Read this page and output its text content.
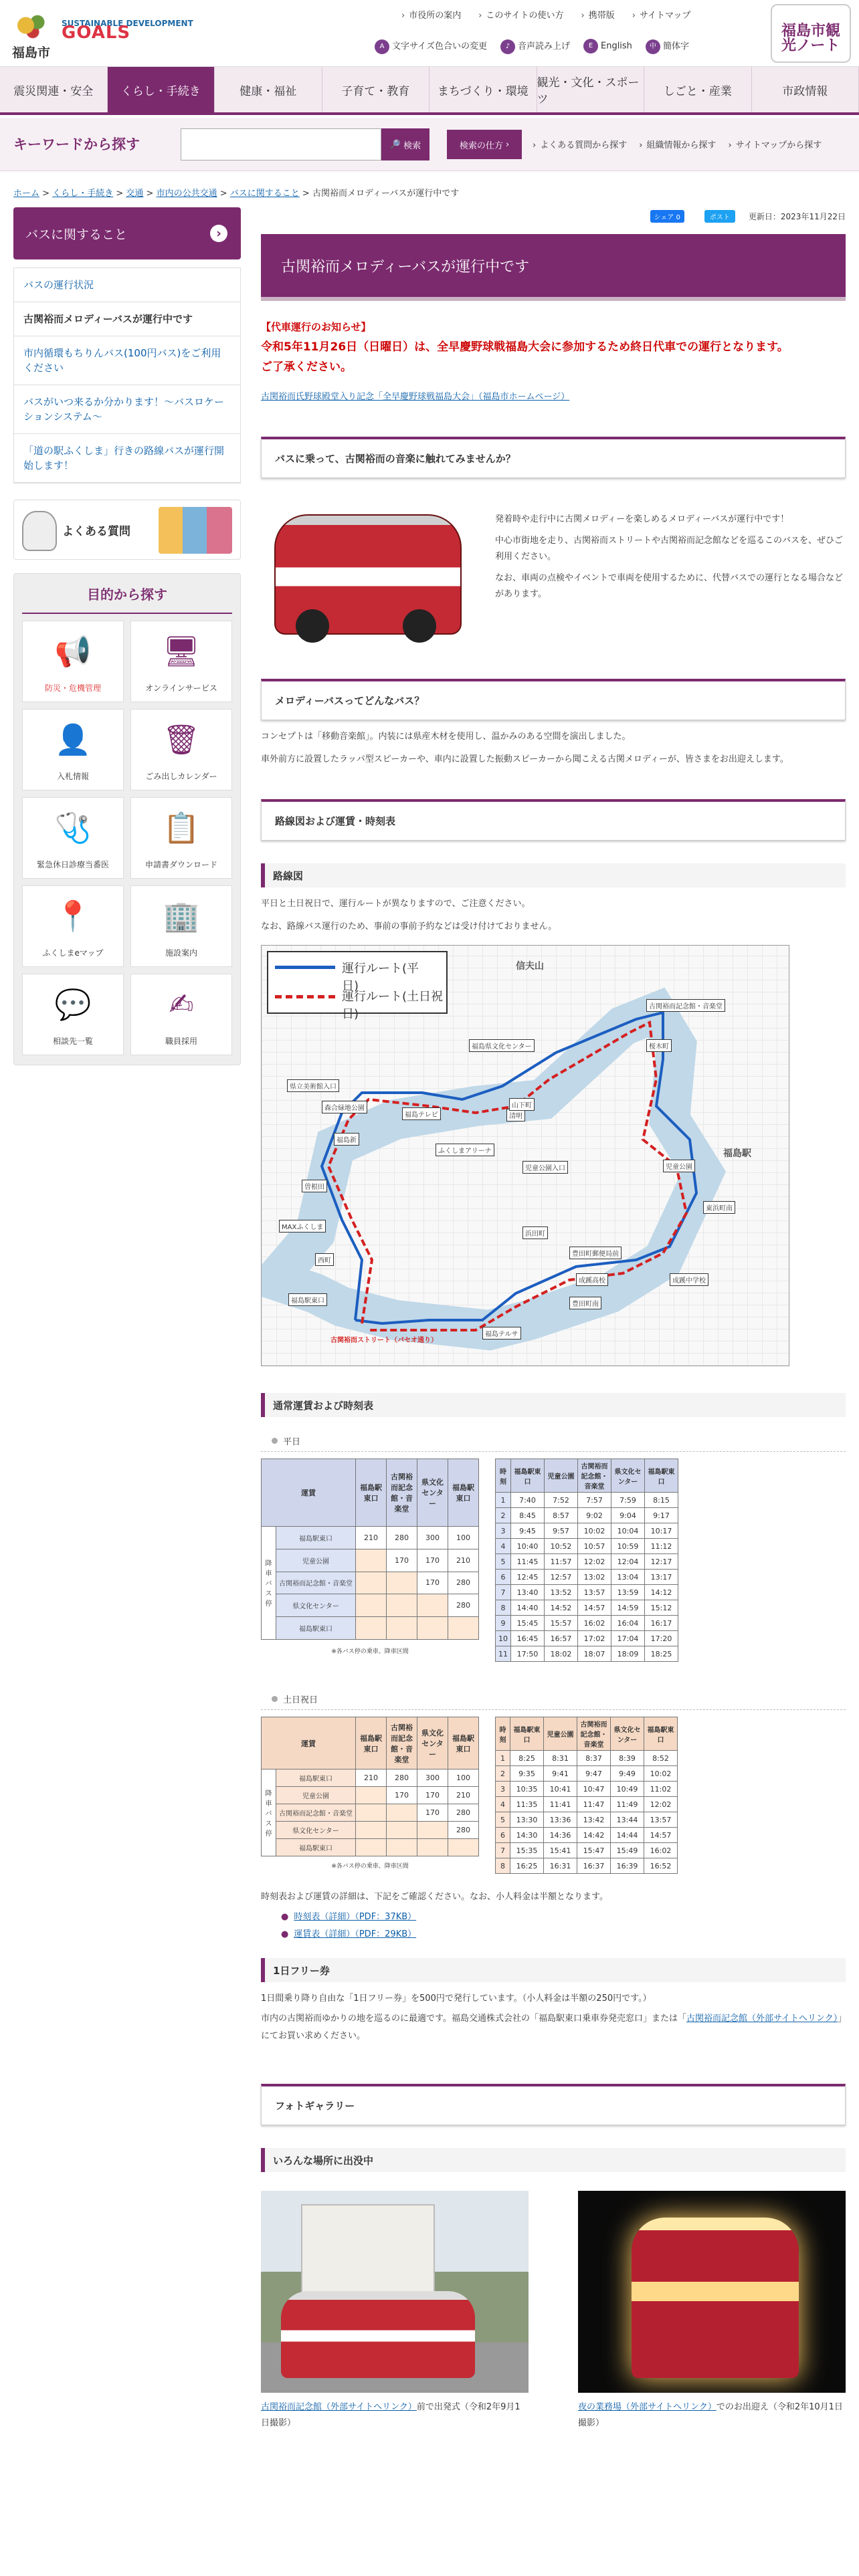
福島市
SUSTAINABLE DEVELOPMENT
GOALS
› 市役所の案内	› このサイトの使い方	› 携帯版	› サイトマップ
A 文字サイズ色合いの変更	♪ 音声読み上げ	E English	中 簡体字
福島市観光ノート
震災関連・安全	くらし・手続き	健康・福祉	子育て・教育	まちづくり・環境
観光・文化・スポーツ
しごと・産業	市政情報
キーワードから探す	🔎
検索	検索の仕方 ›	› よくある質問から探す	› 組織情報から探す	› サイトマップから探す
ホーム > くらし・手続き > 交通 > 市内の公共交通 > バスに関すること > 古関裕而メロディーバスが運行中です
バスに関すること	›
バスの運行状況
古関裕而メロディーバスが運行中です
市内循環もちりんバス(100円バス)をご利用ください
バスがいつ来るか分かります！～バスロケーションシステム～
「道の駅ふくしま」行きの路線バスが運行開始します！
よくある質問
目的から探す
📢
防災・危機管理
🖥
オンラインサービス
👤
入札情報
🗑
ごみ出しカレンダー
🩺
緊急休日診療当番医
📋
申請書ダウンロード
📍
ふくしまeマップ
🏢
施設案内
💬
相談先一覧
✍
職員採用
シェア 0	ポスト 更新日：2023年11月22日
古関裕而メロディーバスが運行中です
【代車運行のお知らせ】
令和5年11月26日（日曜日）は、全早慶野球戦福島大会に参加するため終日代車での運行となります。
ご了承ください。
古関裕而氏野球殿堂入り記念「全早慶野球戦福島大会」（福島市ホームページ）
バスに乗って、古関裕而の音楽に触れてみませんか？

発着時や走行中に古関メロディーを楽しめるメロディーバスが運行中です！

中心市街地を走り、古関裕而ストリートや古関裕而記念館などを巡るこのバスを、ぜひご利用ください。

なお、車両の点検やイベントで車両を使用するために、代替バスでの運行となる場合などがあります。

メロディーバスってどんなバス？

コンセプトは「移動音楽館」。内装には県産木材を使用し、温かみのある空間を演出しました。

車外前方に設置したラッパ型スピーカーや、車内に設置した振動スピーカーから聞こえる古関メロディーが、皆さまをお出迎えします。

路線図および運賃・時刻表
路線図

平日と土日祝日で、運行ルートが異なりますので、ご注意ください。

なお、路線バス運行のため、事前の事前予約などは受け付けておりません。

運行ルート(平　　日)
運行ルート(土日祝日)
古関裕而記念館・音楽堂
福島県文化センター	桜木町
県立美術館入口
森合緑地公園
福島テレビ	清明
山下町
福島新
ふくしまアリーナ
児童公園入口	児童公園
曽根田
東浜町南
MAXふくしま
浜田町
西町
豊田町郵便局前
成蹊高校	成蹊中学校
福島駅東口	豊田町南
福島テルサ
古関裕而ストリート（パセオ通り）
信夫山
福島駅
通常運賃および時刻表
平日
運賃		福島駅東口	古関裕而記念館・音楽堂	県文化センター	福島駅東口
降車バス停	福島駅東口	210	280	300	100
	児童公園		170	170	210
	古関裕而記念館・音楽堂			170	280
	県文化センター				280
	福島駅東口				
※各バス停の乗車、降車区間					
時刻	福島駅東口	児童公園	古関裕而記念館・音楽堂	県文化センター	福島駅東口
1	7:40	7:52	7:57	7:59	8:15
2	8:45	8:57	9:02	9:04	9:17
3	9:45	9:57	10:02	10:04	10:17
4	10:40	10:52	10:57	10:59	11:12
5	11:45	11:57	12:02	12:04	12:17
6	12:45	12:57	13:02	13:04	13:17
7	13:40	13:52	13:57	13:59	14:12
8	14:40	14:52	14:57	14:59	15:12
9	15:45	15:57	16:02	16:04	16:17
10	16:45	16:57	17:02	17:04	17:20
11	17:50	18:02	18:07	18:09	18:25
土日祝日
運賃		福島駅東口	古関裕而記念館・音楽堂	県文化センター	福島駅東口
降車バス停	福島駅東口	210	280	300	100
	児童公園		170	170	210
	古関裕而記念館・音楽堂			170	280
	県文化センター				280
	福島駅東口				
※各バス停の乗車、降車区間					
時刻	福島駅東口	児童公園	古関裕而記念館・音楽堂	県文化センター	福島駅東口
1	8:25	8:31	8:37	8:39	8:52
2	9:35	9:41	9:47	9:49	10:02
3	10:35	10:41	10:47	10:49	11:02
4	11:35	11:41	11:47	11:49	12:02
5	13:30	13:36	13:42	13:44	13:57
6	14:30	14:36	14:42	14:44	14:57
7	15:35	15:41	15:47	15:49	16:02
8	16:25	16:31	16:37	16:39	16:52
時刻表および運賃の詳細は、下記をご確認ください。なお、小人料金は半額となります。
● 時刻表（詳細）（PDF：37KB）
● 運賃表（詳細）（PDF：29KB）
1日フリー券
1日間乗り降り自由な「1日フリー券」を500円で発行しています。（小人料金は半額の250円です。）
市内の古関裕而ゆかりの地を巡るのに最適です。福島交通株式会社の「福島駅東口乗車券発売窓口」または「古関裕而記念館（外部サイトへリンク）」にてお買い求めください。
フォトギャラリー
いろんな場所に出没中
古関裕而記念館（外部サイトへリンク）前で出発式（令和2年9月1日撮影）
夜の業務場（外部サイトへリンク）でのお出迎え（令和2年10月1日撮影）
